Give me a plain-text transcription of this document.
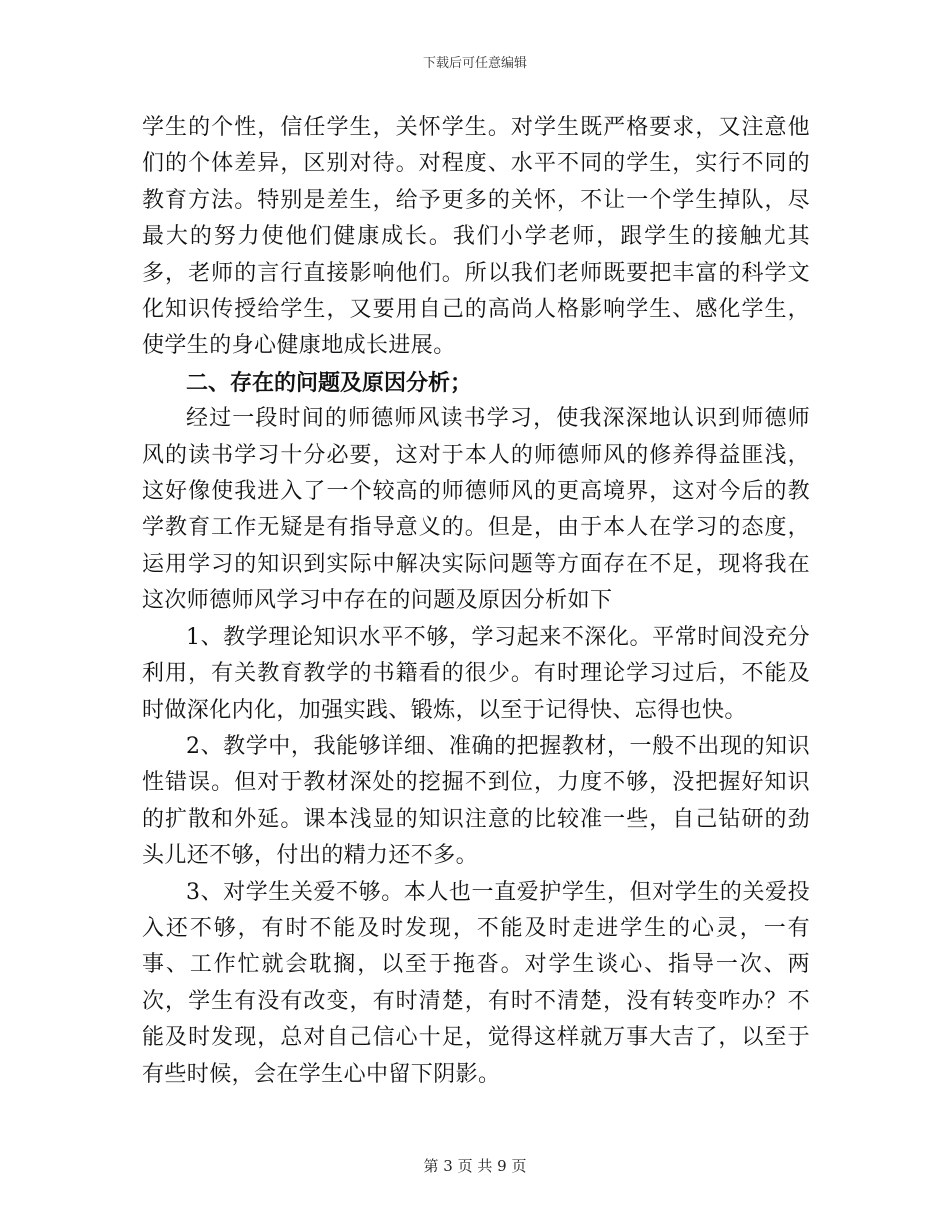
下载后可任意编辑

学生的个性，信任学生，关怀学生。对学生既严格要求，又注意他们的个体差异，区别对待。对程度、水平不同的学生，实行不同的教育方法。特别是差生，给予更多的关怀，不让一个学生掉队，尽最大的努力使他们健康成长。我们小学老师，跟学生的接触尤其多，老师的言行直接影响他们。所以我们老师既要把丰富的科学文化知识传授给学生，又要用自己的高尚人格影响学生、感化学生，使学生的身心健康地成长进展。

二、存在的问题及原因分析；

经过一段时间的师德师风读书学习，使我深深地认识到师德师风的读书学习十分必要，这对于本人的师德师风的修养得益匪浅，这好像使我进入了一个较高的师德师风的更高境界，这对今后的教学教育工作无疑是有指导意义的。但是，由于本人在学习的态度，运用学习的知识到实际中解决实际问题等方面存在不足，现将我在这次师德师风学习中存在的问题及原因分析如下

1、教学理论知识水平不够，学习起来不深化。平常时间没充分利用，有关教育教学的书籍看的很少。有时理论学习过后，不能及时做深化内化，加强实践、锻炼，以至于记得快、忘得也快。

2、教学中，我能够详细、准确的把握教材，一般不出现的知识性错误。但对于教材深处的挖掘不到位，力度不够，没把握好知识的扩散和外延。课本浅显的知识注意的比较准一些，自己钻研的劲头儿还不够，付出的精力还不多。

3、对学生关爱不够。本人也一直爱护学生，但对学生的关爱投入还不够，有时不能及时发现，不能及时走进学生的心灵，一有事、工作忙就会耽搁，以至于拖沓。对学生谈心、指导一次、两次，学生有没有改变，有时清楚，有时不清楚，没有转变咋办？不能及时发现，总对自己信心十足，觉得这样就万事大吉了，以至于有些时候，会在学生心中留下阴影。

第 3 页 共 9 页
